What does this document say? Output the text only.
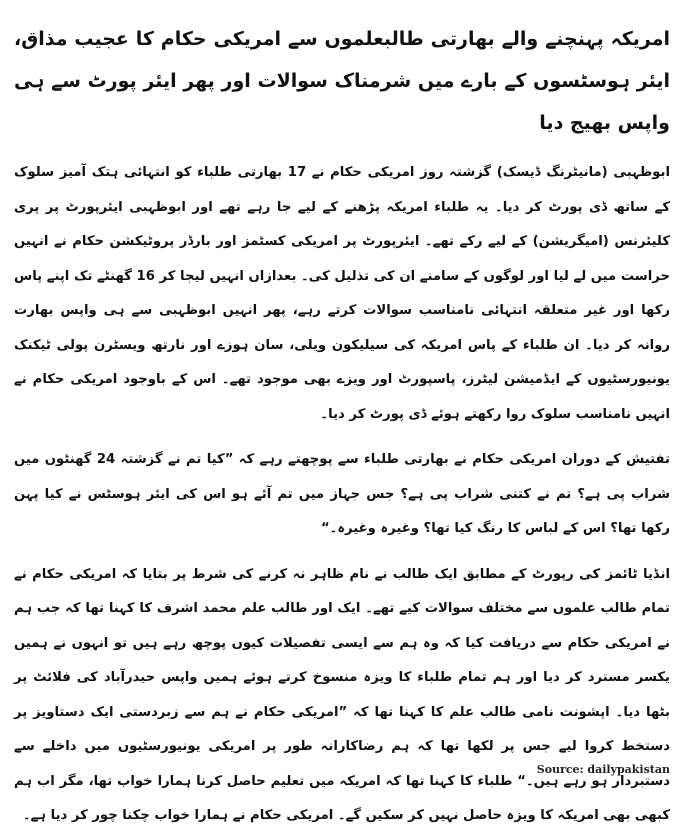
امریکہ پہنچنے والے بھارتی طالبعلموں سے امریکی حکام کا عجیب مذاق، ایئر ہوسٹسوں کے بارے میں شرمناک سوالات اور پھر ایئر پورٹ سے ہی واپس بھیج دیا

ابوظہبی (مانیٹرنگ ڈیسک) گزشتہ روز امریکی حکام نے 17 بھارتی طلباء کو انتہائی ہتک آمیز سلوک کے ساتھ ڈی پورٹ کر دیا۔ یہ طلباء امریکہ پڑھنے کے لیے جا رہے تھے اور ابوظہبی ایئرپورٹ پر پری کلیئرنس (امیگریشن) کے لیے رکے تھے۔ ایئرپورٹ پر امریکی کسٹمز اور بارڈر پروٹیکشن حکام نے انہیں حراست میں لے لیا اور لوگوں کے سامنے ان کی تذلیل کی۔ بعدازاں انہیں لیجا کر 16 گھنٹے تک اپنے پاس رکھا اور غیر متعلقہ انتہائی نامناسب سوالات کرتے رہے، پھر انہیں ابوظہبی سے ہی واپس بھارت روانہ کر دیا۔ ان طلباء کے پاس امریکہ کی سیلیکون ویلی، سان ہوزے اور نارتھ ویسٹرن پولی ٹیکنک یونیورسٹیوں کے ایڈمیشن لیٹرز، پاسپورٹ اور ویزے بھی موجود تھے۔ اس کے باوجود امریکی حکام نے انہیں نامناسب سلوک روا رکھتے ہوئے ڈی پورٹ کر دیا۔

تفتیش کے دوران امریکی حکام نے بھارتی طلباء سے پوچھتے رہے کہ ”کیا تم نے گزشتہ 24 گھنٹوں میں شراب پی ہے؟ تم نے کتنی شراب پی ہے؟ جس جہاز میں تم آئے ہو اس کی ایئر ہوسٹس نے کیا پہن رکھا تھا؟ اس کے لباس کا رنگ کیا تھا؟ وغیرہ وغیرہ۔“

انڈیا ٹائمز کی رپورٹ کے مطابق ایک طالب نے نام ظاہر نہ کرنے کی شرط پر بتایا کہ امریکی حکام نے تمام طالب علموں سے مختلف سوالات کیے تھے۔ ایک اور طالب علم محمد اشرف کا کہنا تھا کہ جب ہم نے امریکی حکام سے دریافت کیا کہ وہ ہم سے ایسی تفصیلات کیوں پوچھ رہے ہیں تو انہوں نے ہمیں یکسر مسترد کر دیا اور ہم تمام طلباء کا ویزہ منسوخ کرتے ہوئے ہمیں واپس حیدرآباد کی فلائٹ پر بٹھا دیا۔ اپشونت نامی طالب علم کا کہنا تھا کہ ”امریکی حکام نے ہم سے زبردستی ایک دستاویز پر دستخط کروا لیے جس پر لکھا تھا کہ ہم رضاکارانہ طور پر امریکی یونیورسٹیوں میں داخلے سے دستبردار ہو رہے ہیں۔“ طلباء کا کہنا تھا کہ امریکہ میں تعلیم حاصل کرنا ہمارا خواب تھا، مگر اب ہم کبھی بھی امریکہ کا ویزہ حاصل نہیں کر سکیں گے۔ امریکی حکام نے ہمارا خواب چکنا چور کر دیا ہے۔

Source: dailypakistan
